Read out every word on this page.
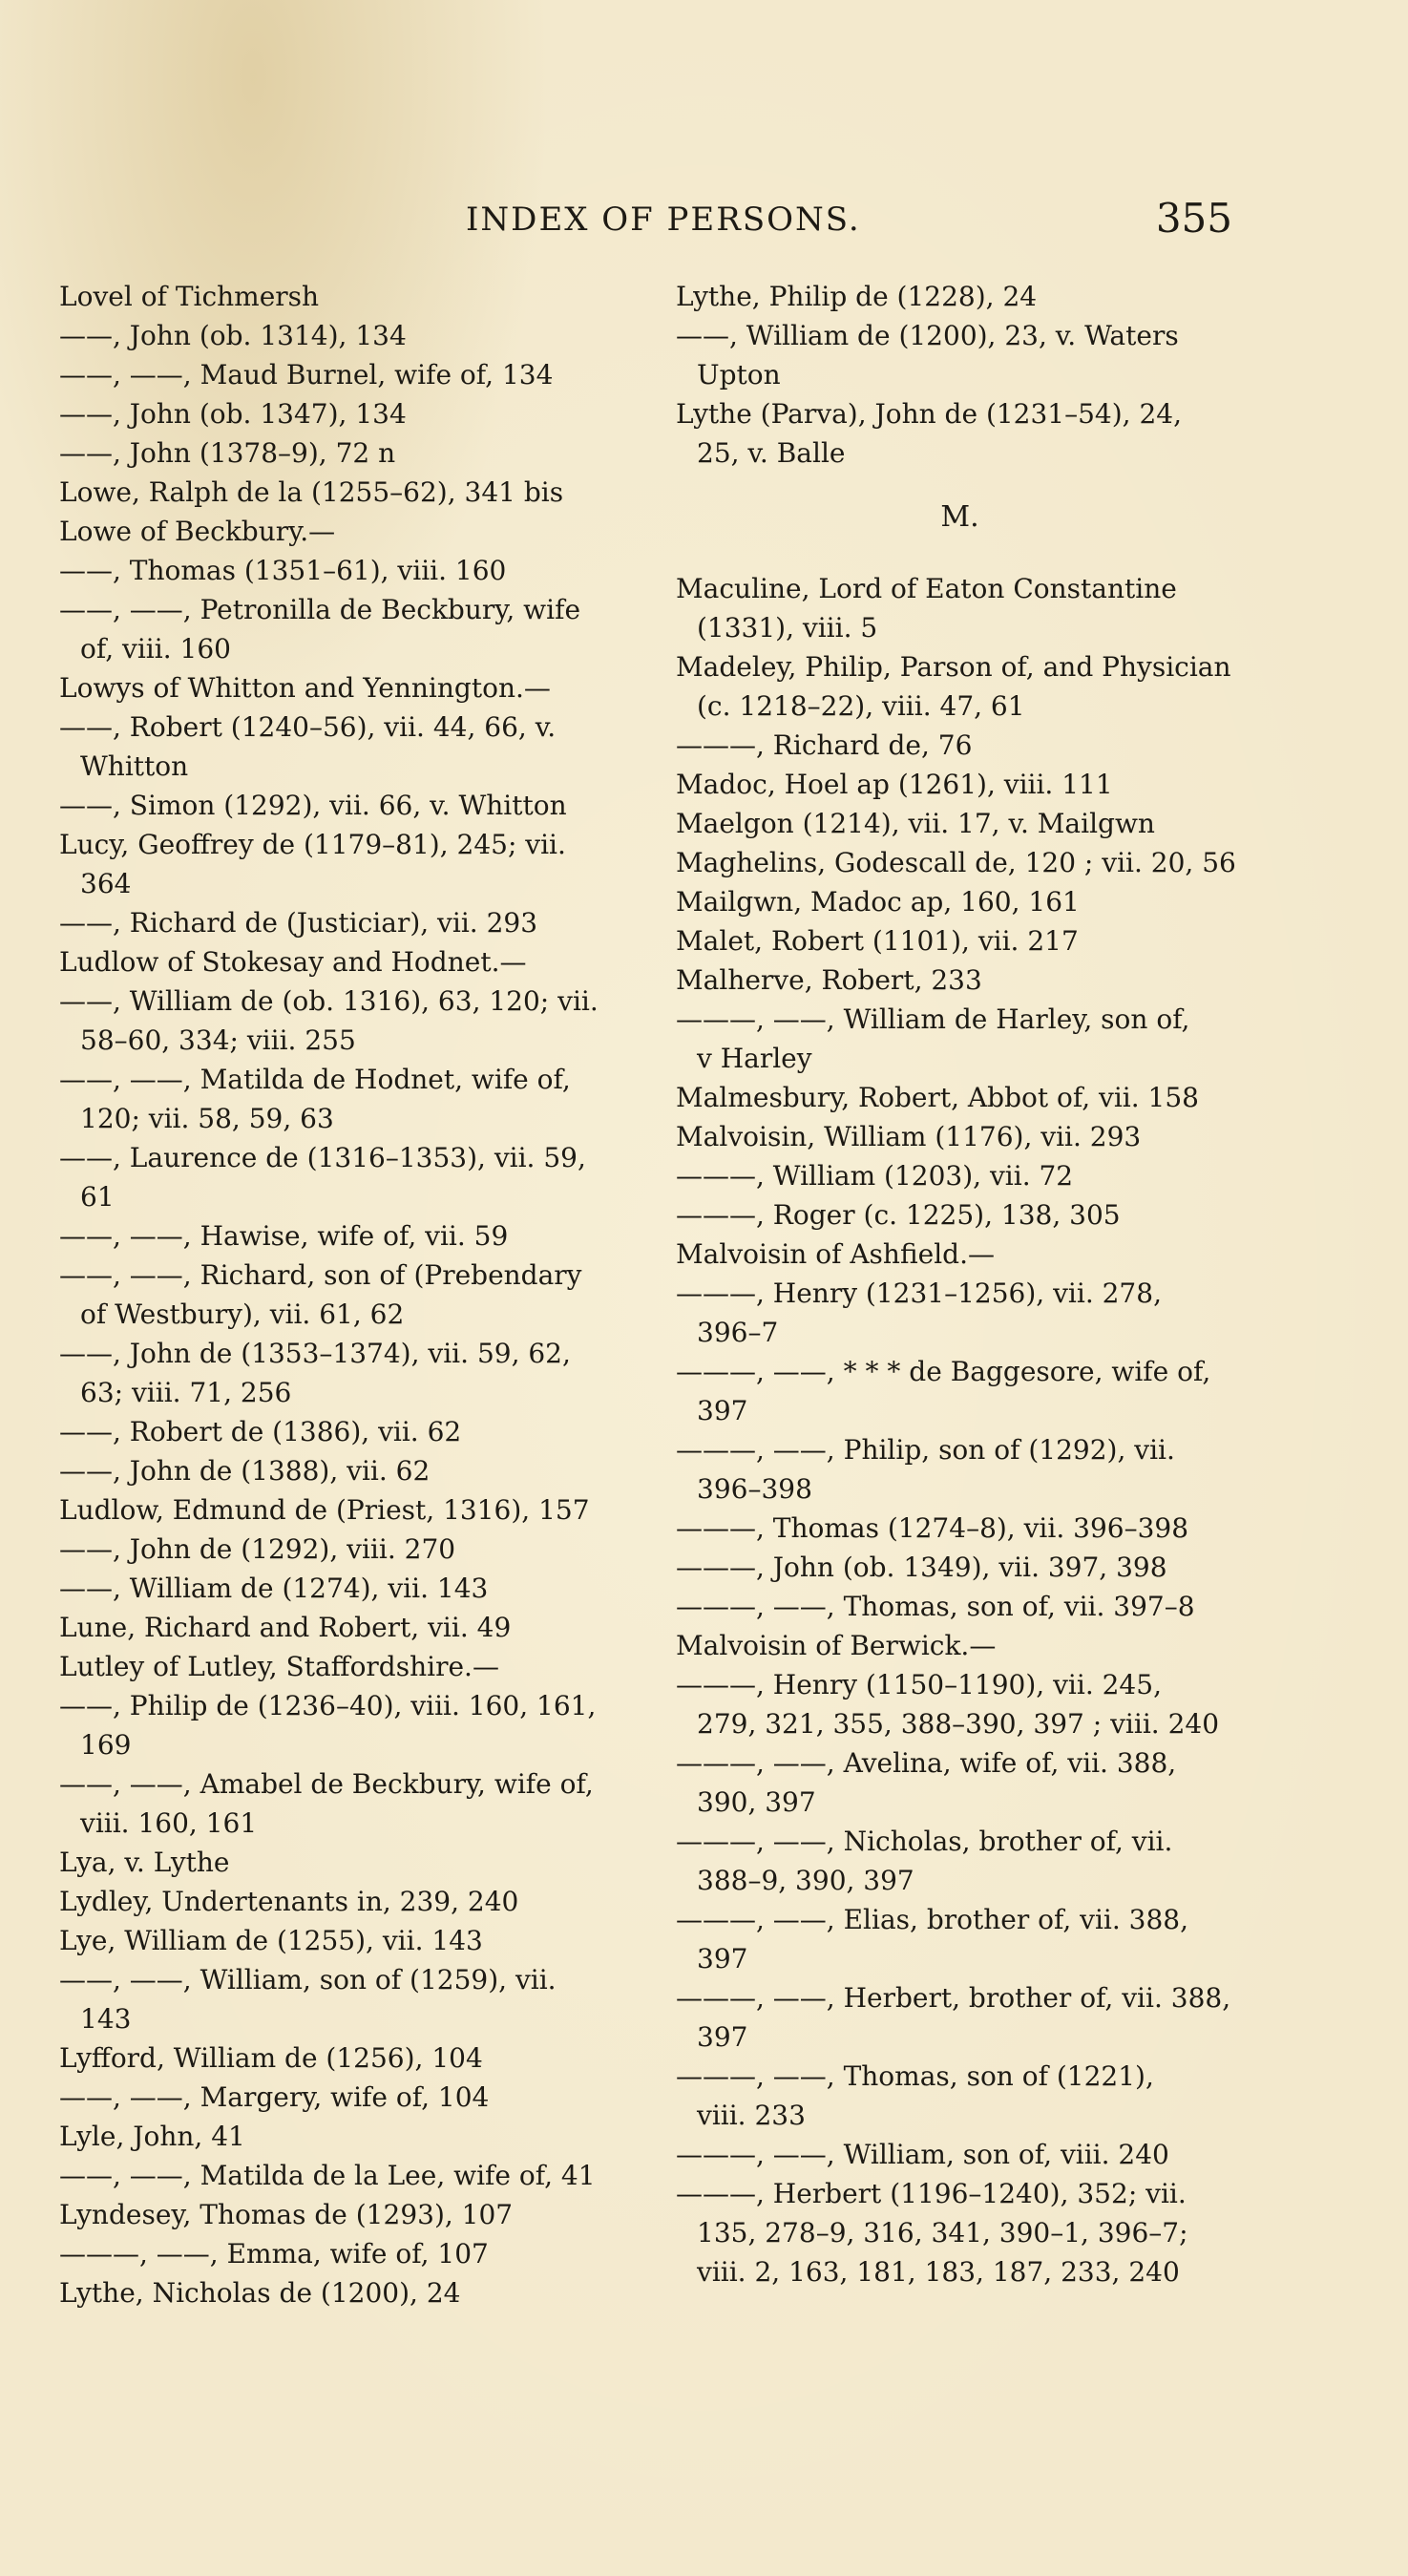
INDEX OF PERSONS.	355
Lovel of Tichmersh
——, John (ob. 1314), 134
——, ——, Maud Burnel, wife of, 134
——, John (ob. 1347), 134
——, John (1378–9), 72 n
Lowe, Ralph de la (1255–62), 341 bis
Lowe of Beckbury.—
——, Thomas (1351–61), viii. 160
——, ——, Petronilla de Beckbury, wife
of, viii. 160
Lowys of Whitton and Yennington.—
——, Robert (1240–56), vii. 44, 66, v.
Whitton
——, Simon (1292), vii. 66, v. Whitton
Lucy, Geoffrey de (1179–81), 245; vii.
364
——, Richard de (Justiciar), vii. 293
Ludlow of Stokesay and Hodnet.—
——, William de (ob. 1316), 63, 120; vii.
58–60, 334; viii. 255
——, ——, Matilda de Hodnet, wife of,
120; vii. 58, 59, 63
——, Laurence de (1316–1353), vii. 59,
61
——, ——, Hawise, wife of, vii. 59
——, ——, Richard, son of (Prebendary
of Westbury), vii. 61, 62
——, John de (1353–1374), vii. 59, 62,
63; viii. 71, 256
——, Robert de (1386), vii. 62
——, John de (1388), vii. 62
Ludlow, Edmund de (Priest, 1316), 157
——, John de (1292), viii. 270
——, William de (1274), vii. 143
Lune, Richard and Robert, vii. 49
Lutley of Lutley, Staffordshire.—
——, Philip de (1236–40), viii. 160, 161,
169
——, ——, Amabel de Beckbury, wife of,
viii. 160, 161
Lya, v. Lythe
Lydley, Undertenants in, 239, 240
Lye, William de (1255), vii. 143
——, ——, William, son of (1259), vii.
143
Lyfford, William de (1256), 104
——, ——, Margery, wife of, 104
Lyle, John, 41
——, ——, Matilda de la Lee, wife of, 41
Lyndesey, Thomas de (1293), 107
———, ——, Emma, wife of, 107
Lythe, Nicholas de (1200), 24
Lythe, Philip de (1228), 24
——, William de (1200), 23, v. Waters
Upton
Lythe (Parva), John de (1231–54), 24,
25, v. Balle
M.
Maculine, Lord of Eaton Constantine
(1331), viii. 5
Madeley, Philip, Parson of, and Physician
(c. 1218–22), viii. 47, 61
———, Richard de, 76
Madoc, Hoel ap (1261), viii. 111
Maelgon (1214), vii. 17, v. Mailgwn
Maghelins, Godescall de, 120 ; vii. 20, 56
Mailgwn, Madoc ap, 160, 161
Malet, Robert (1101), vii. 217
Malherve, Robert, 233
———, ——, William de Harley, son of,
v Harley
Malmesbury, Robert, Abbot of, vii. 158
Malvoisin, William (1176), vii. 293
———, William (1203), vii. 72
———, Roger (c. 1225), 138, 305
Malvoisin of Ashfield.—
———, Henry (1231–1256), vii. 278,
396–7
———, ——, * * * de Baggesore, wife of,
397
———, ——, Philip, son of (1292), vii.
396–398
———, Thomas (1274–8), vii. 396–398
———, John (ob. 1349), vii. 397, 398
———, ——, Thomas, son of, vii. 397–8
Malvoisin of Berwick.—
———, Henry (1150–1190), vii. 245,
279, 321, 355, 388–390, 397 ; viii. 240
———, ——, Avelina, wife of, vii. 388,
390, 397
———, ——, Nicholas, brother of, vii.
388–9, 390, 397
———, ——, Elias, brother of, vii. 388,
397
———, ——, Herbert, brother of, vii. 388,
397
———, ——, Thomas, son of (1221),
viii. 233
———, ——, William, son of, viii. 240
———, Herbert (1196–1240), 352; vii.
135, 278–9, 316, 341, 390–1, 396–7;
viii. 2, 163, 181, 183, 187, 233, 240
